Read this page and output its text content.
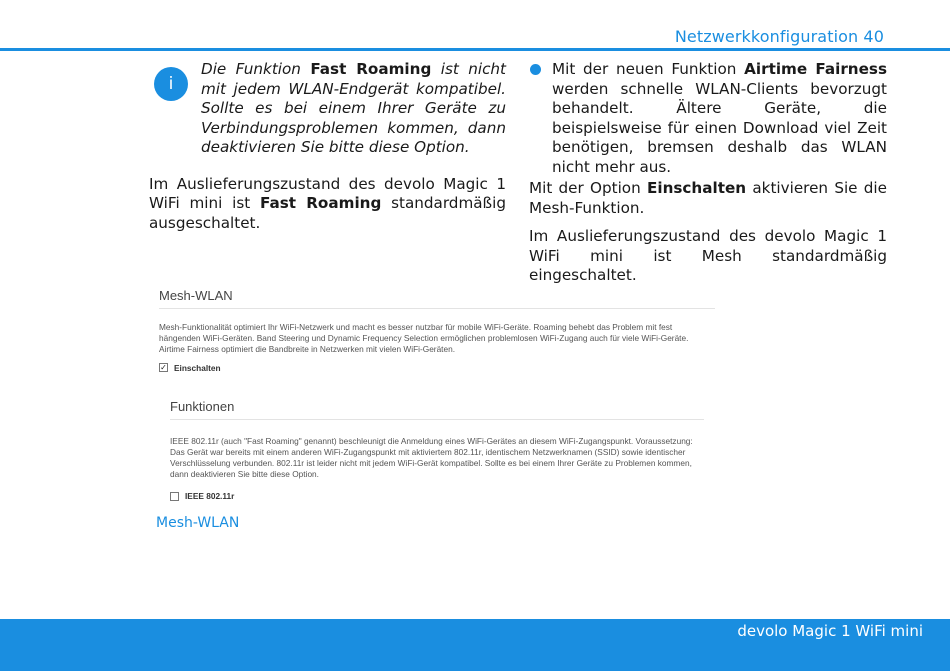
Netzwerkkonfiguration 40
i
Die Funktion Fast Roaming ist nicht mit jedem WLAN-Endgerät kompatibel. Sollte es bei einem Ihrer Geräte zu Verbindungsproblemen kommen, dann deaktivieren Sie bitte diese Option.

Im Auslieferungszustand des devolo Magic 1 WiFi mini ist Fast Roaming standardmäßig ausgeschaltet.

Mit der neuen Funktion Airtime Fairness werden schnelle WLAN-Clients bevorzugt behandelt. Ältere Geräte, die beispielsweise für einen Download viel Zeit benötigen, bremsen deshalb das WLAN nicht mehr aus.

Mit der Option Einschalten aktivieren Sie die Mesh-Funktion.

Im Auslieferungszustand des devolo Magic 1 WiFi mini ist Mesh standardmäßig eingeschaltet.

Mesh-WLAN
Mesh-Funktionalität optimiert Ihr WiFi-Netzwerk und macht es besser nutzbar für mobile WiFi-Geräte. Roaming behebt das Problem mit fest hängenden WiFi-Geräten. Band Steering und Dynamic Frequency Selection ermöglichen problemlosen WiFi-Zugang auch für viele WiFi-Geräte. Airtime Fairness optimiert die Bandbreite in Netzwerken mit vielen WiFi-Geräten.
✓ Einschalten
Funktionen
IEEE 802.11r (auch "Fast Roaming" genannt) beschleunigt die Anmeldung eines WiFi-Gerätes an diesem WiFi-Zugangspunkt. Voraussetzung: Das Gerät war bereits mit einem anderen WiFi-Zugangspunkt mit aktiviertem 802.11r, identischem Netzwerknamen (SSID) sowie identischer Verschlüsselung verbunden. 802.11r ist leider nicht mit jedem WiFi-Gerät kompatibel. Sollte es bei einem Ihrer Geräte zu Problemen kommen, dann deaktivieren Sie bitte diese Option.
IEEE 802.11r
Mesh-WLAN
devolo Magic 1 WiFi mini
